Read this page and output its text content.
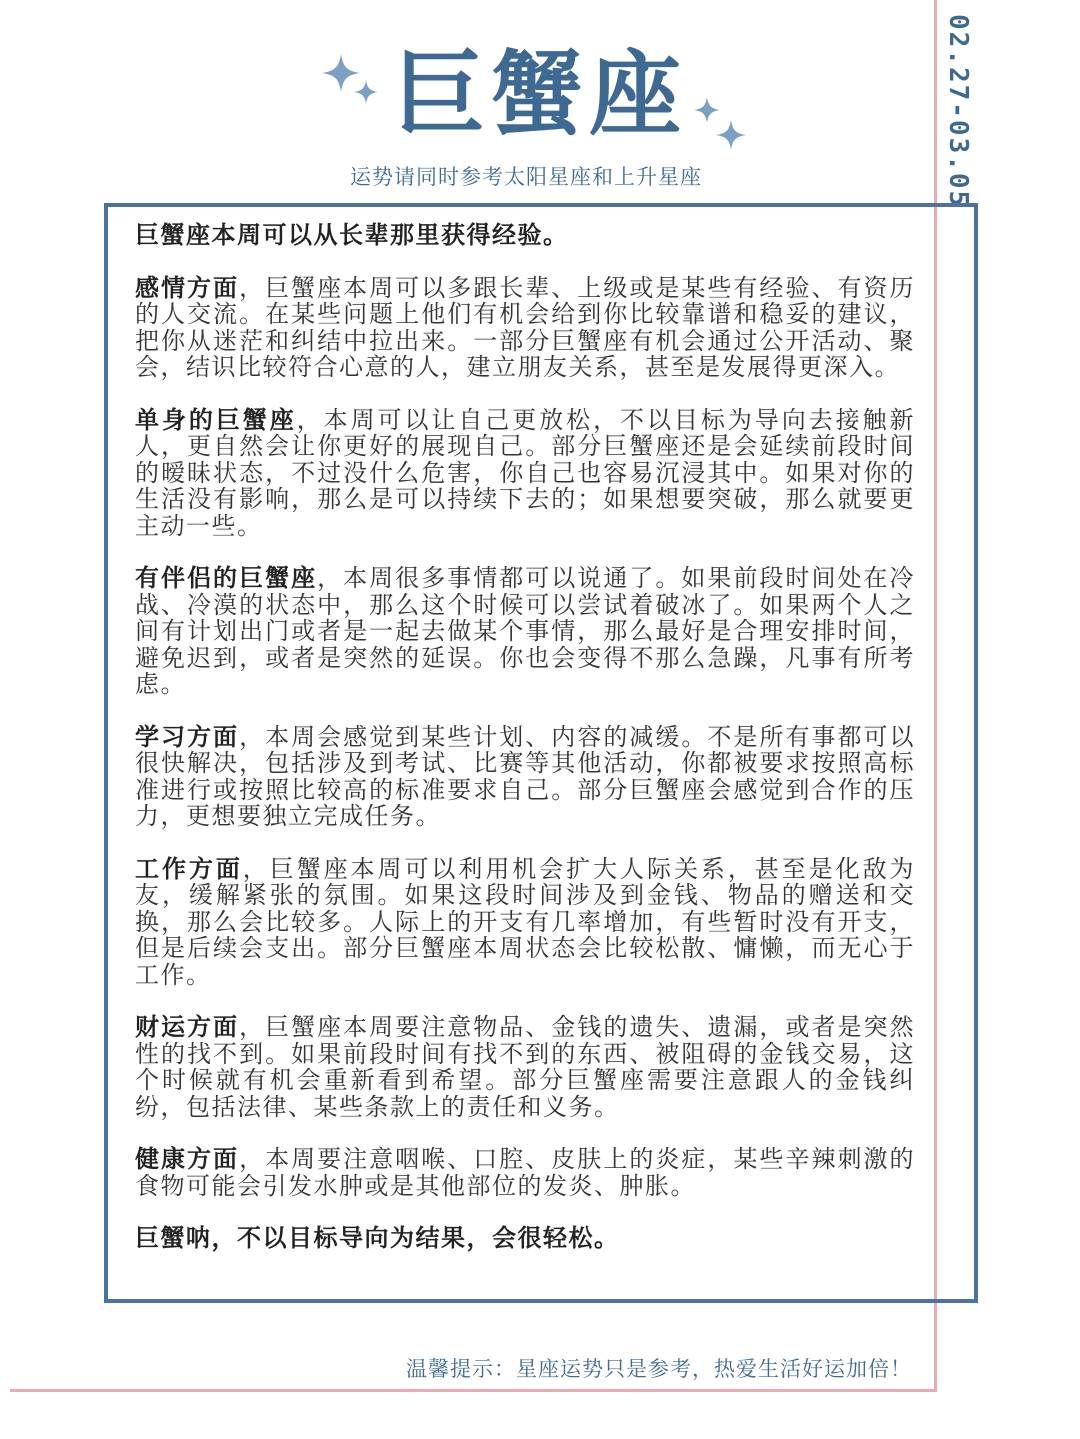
02.27-03.05
巨蟹座
运势请同时参考太阳星座和上升星座

巨蟹座本周可以从长辈那里获得经验。

感情方面，巨蟹座本周可以多跟长辈、上级或是某些有经验、有资历的人交流。在某些问题上他们有机会给到你比较靠谱和稳妥的建议，把你从迷茫和纠结中拉出来。一部分巨蟹座有机会通过公开活动、聚会，结识比较符合心意的人，建立朋友关系，甚至是发展得更深入。

单身的巨蟹座，本周可以让自己更放松，不以目标为导向去接触新人，更自然会让你更好的展现自己。部分巨蟹座还是会延续前段时间的暧昧状态，不过没什么危害，你自己也容易沉浸其中。如果对你的生活没有影响，那么是可以持续下去的；如果想要突破，那么就要更主动一些。

有伴侣的巨蟹座，本周很多事情都可以说通了。如果前段时间处在冷战、冷漠的状态中，那么这个时候可以尝试着破冰了。如果两个人之间有计划出门或者是一起去做某个事情，那么最好是合理安排时间，避免迟到，或者是突然的延误。你也会变得不那么急躁，凡事有所考虑。

学习方面，本周会感觉到某些计划、内容的减缓。不是所有事都可以很快解决，包括涉及到考试、比赛等其他活动，你都被要求按照高标准进行或按照比较高的标准要求自己。部分巨蟹座会感觉到合作的压力，更想要独立完成任务。

工作方面，巨蟹座本周可以利用机会扩大人际关系，甚至是化敌为友，缓解紧张的氛围。如果这段时间涉及到金钱、物品的赠送和交换，那么会比较多。人际上的开支有几率增加，有些暂时没有开支，但是后续会支出。部分巨蟹座本周状态会比较松散、慵懒，而无心于工作。

财运方面，巨蟹座本周要注意物品、金钱的遗失、遗漏，或者是突然性的找不到。如果前段时间有找不到的东西、被阻碍的金钱交易，这个时候就有机会重新看到希望。部分巨蟹座需要注意跟人的金钱纠纷，包括法律、某些条款上的责任和义务。

健康方面，本周要注意咽喉、口腔、皮肤上的炎症，某些辛辣刺激的食物可能会引发水肿或是其他部位的发炎、肿胀。

巨蟹呐，不以目标导向为结果，会很轻松。

温馨提示：星座运势只是参考，热爱生活好运加倍！
